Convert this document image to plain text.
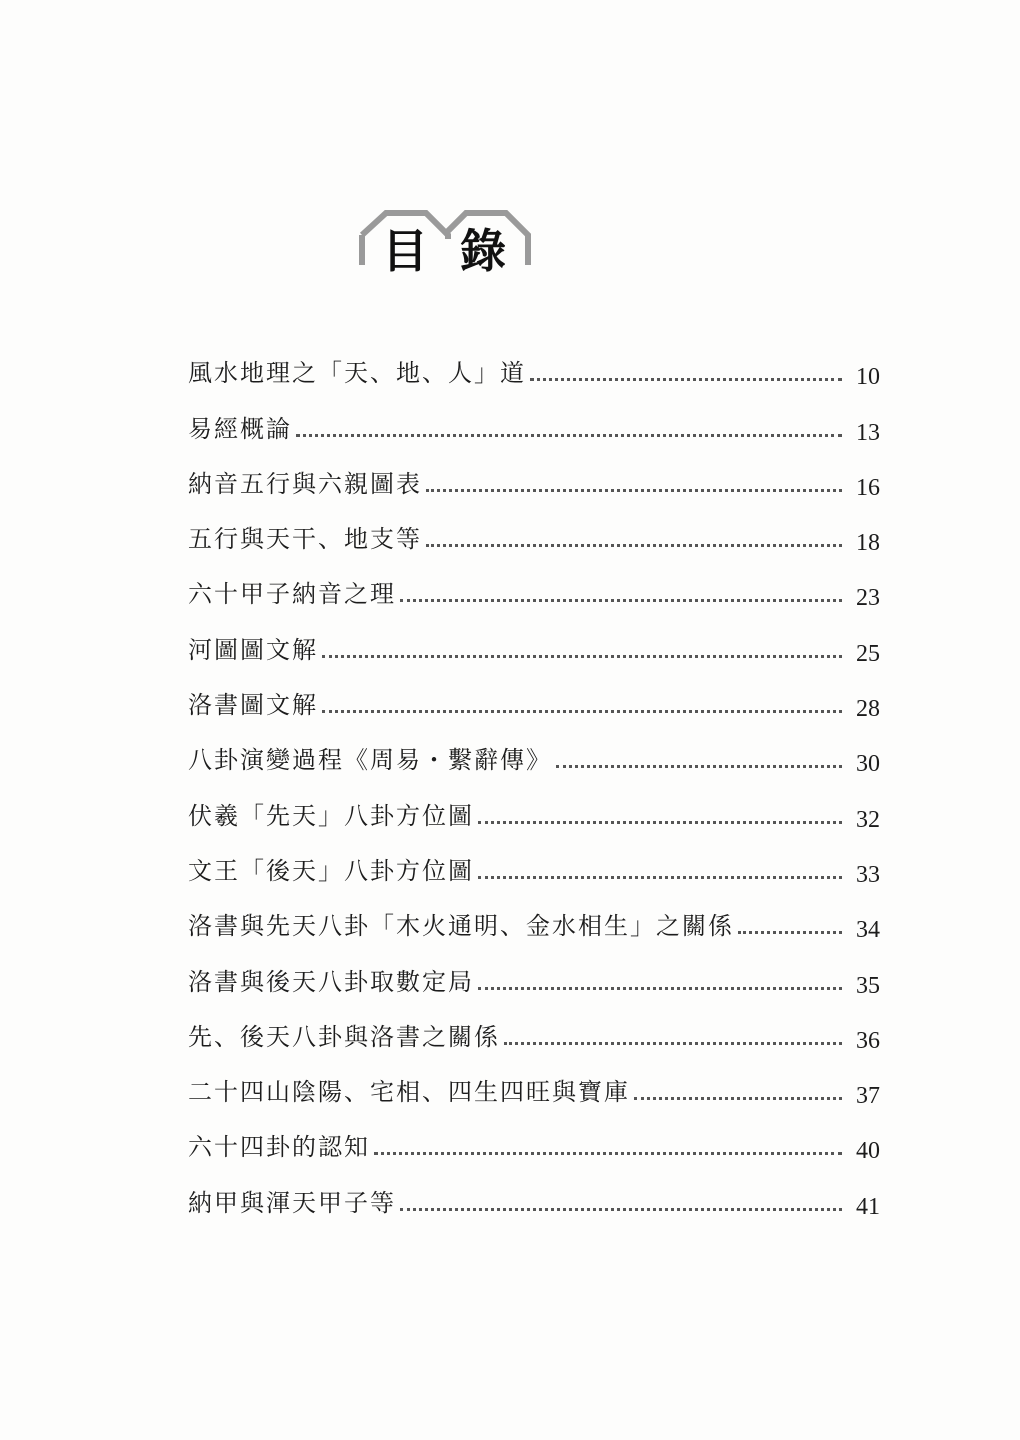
目 錄
風水地理之「天、地、人」道	10
易經概論	13
納音五行與六親圖表	16
五行與天干、地支等	18
六十甲子納音之理	23
河圖圖文解	25
洛書圖文解	28
八卦演變過程《周易・繫辭傳》	30
伏羲「先天」八卦方位圖	32
文王「後天」八卦方位圖	33
洛書與先天八卦「木火通明、金水相生」之關係	34
洛書與後天八卦取數定局	35
先、後天八卦與洛書之關係	36
二十四山陰陽、宅相、四生四旺與寶庫	37
六十四卦的認知	40
納甲與渾天甲子等	41
